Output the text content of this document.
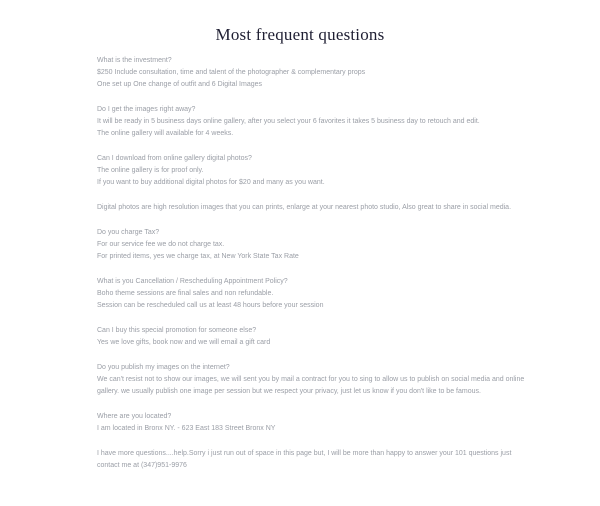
Most frequent questions
What is the investment?
$250 Include consultation, time and talent of the photographer & complementary props
One set up One change of outfit and 6 Digital Images
Do I get the images right away?
It will be ready in 5 business days online gallery, after you select your 6 favorites it takes 5 business day to retouch and edit.
The online gallery will available for 4 weeks.
Can I download from online gallery digital photos?
The online gallery is for proof only.
If you want to buy additional digital photos for $20 and many as you want.
Digital photos are high resolution images that you can prints, enlarge at your nearest photo studio, Also great to share in social media.
Do you charge Tax?
For our service fee we do not charge tax.
For printed items, yes we charge tax, at New York State Tax Rate
What is you Cancellation / Rescheduling Appointment Policy?
Boho theme sessions are final sales and non refundable.
Session can be rescheduled call us at least 48 hours before your session
Can I buy this special promotion for someone else?
Yes we love gifts, book now and we will email a gift card
Do you publish my images on the internet?
We can't resist not to show our images, we will sent you by mail a contract for you to sing to allow us to publish on social media and online
gallery. we usually publish one image per session but we respect your privacy, just let us know if you don't like to be famous.
Where are you located?
I am located in Bronx NY. - 623 East 183 Street Bronx NY
I have more questions....help.Sorry i just run out of space in this page but, I will be more than happy to answer your 101 questions just
contact me at (347)951-9976
